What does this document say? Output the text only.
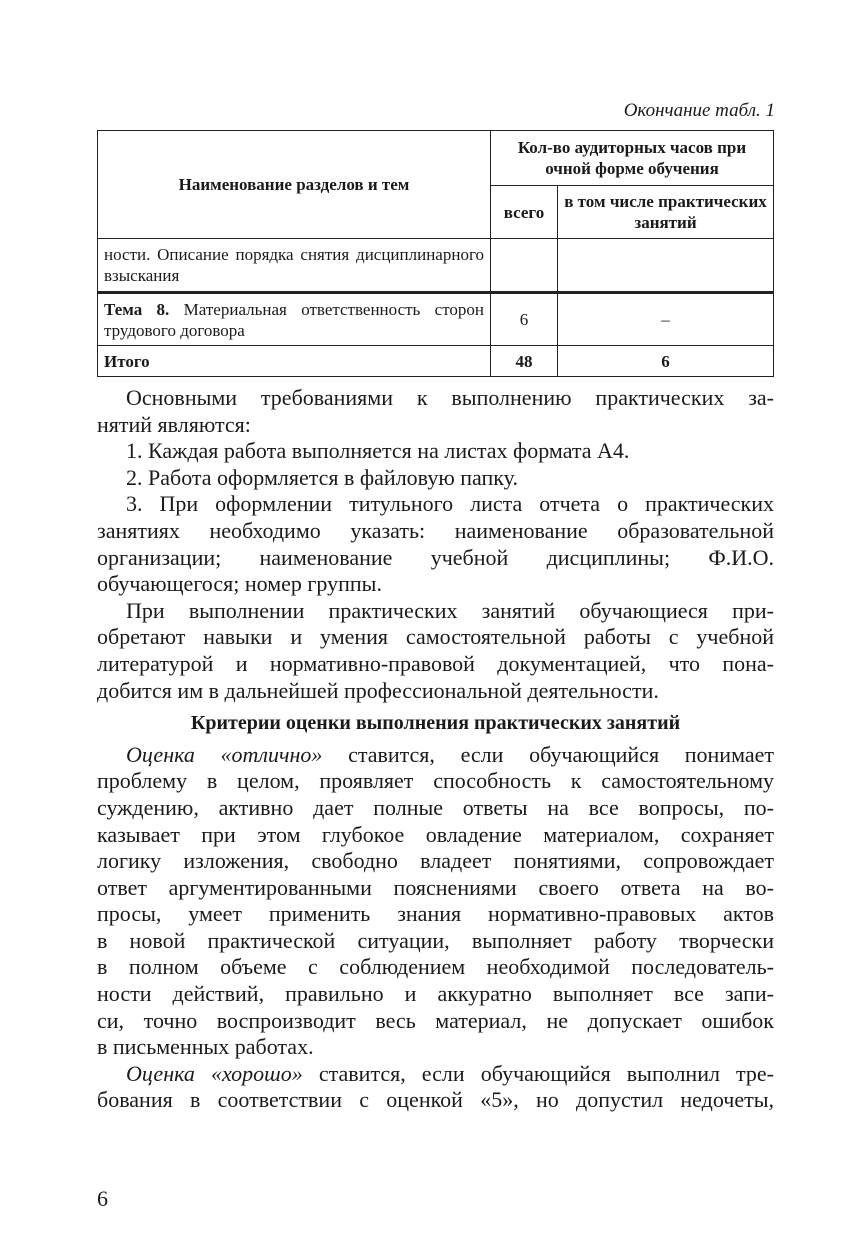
Окончание табл. 1
Наименование разделов и тем	Кол-во аудиторных часов при очной форме обучения	
	всего	в том числе практических занятий
ности. Описание порядка снятия дисциплинарного взыскания		
Тема 8. Материальная ответственность сторон трудового договора	6	–
Итого	48	6
Основными требованиями к выполнению практических за-
нятий являются:
1. Каждая работа выполняется на листах формата А4.
2. Работа оформляется в файловую папку.
3. При оформлении титульного листа отчета о практических
занятиях необходимо указать: наименование образовательной
организации; наименование учебной дисциплины; Ф.И.О.
обучающегося; номер группы.
При выполнении практических занятий обучающиеся при-
обретают навыки и умения самостоятельной работы с учебной
литературой и нормативно-правовой документацией, что пона-
добится им в дальнейшей профессиональной деятельности.
Критерии оценки выполнения практических занятий
Оценка «отлично» ставится, если обучающийся понимает
проблему в целом, проявляет способность к самостоятельному
суждению, активно дает полные ответы на все вопросы, по-
казывает при этом глубокое овладение материалом, сохраняет
логику изложения, свободно владеет понятиями, сопровождает
ответ аргументированными пояснениями своего ответа на во-
просы, умеет применить знания нормативно-правовых актов
в новой практической ситуации, выполняет работу творчески
в полном объеме с соблюдением необходимой последователь-
ности действий, правильно и аккуратно выполняет все запи-
си, точно воспроизводит весь материал, не допускает ошибок
в письменных работах.
Оценка «хорошо» ставится, если обучающийся выполнил тре-
бования в соответствии с оценкой «5», но допустил недочеты,
6
